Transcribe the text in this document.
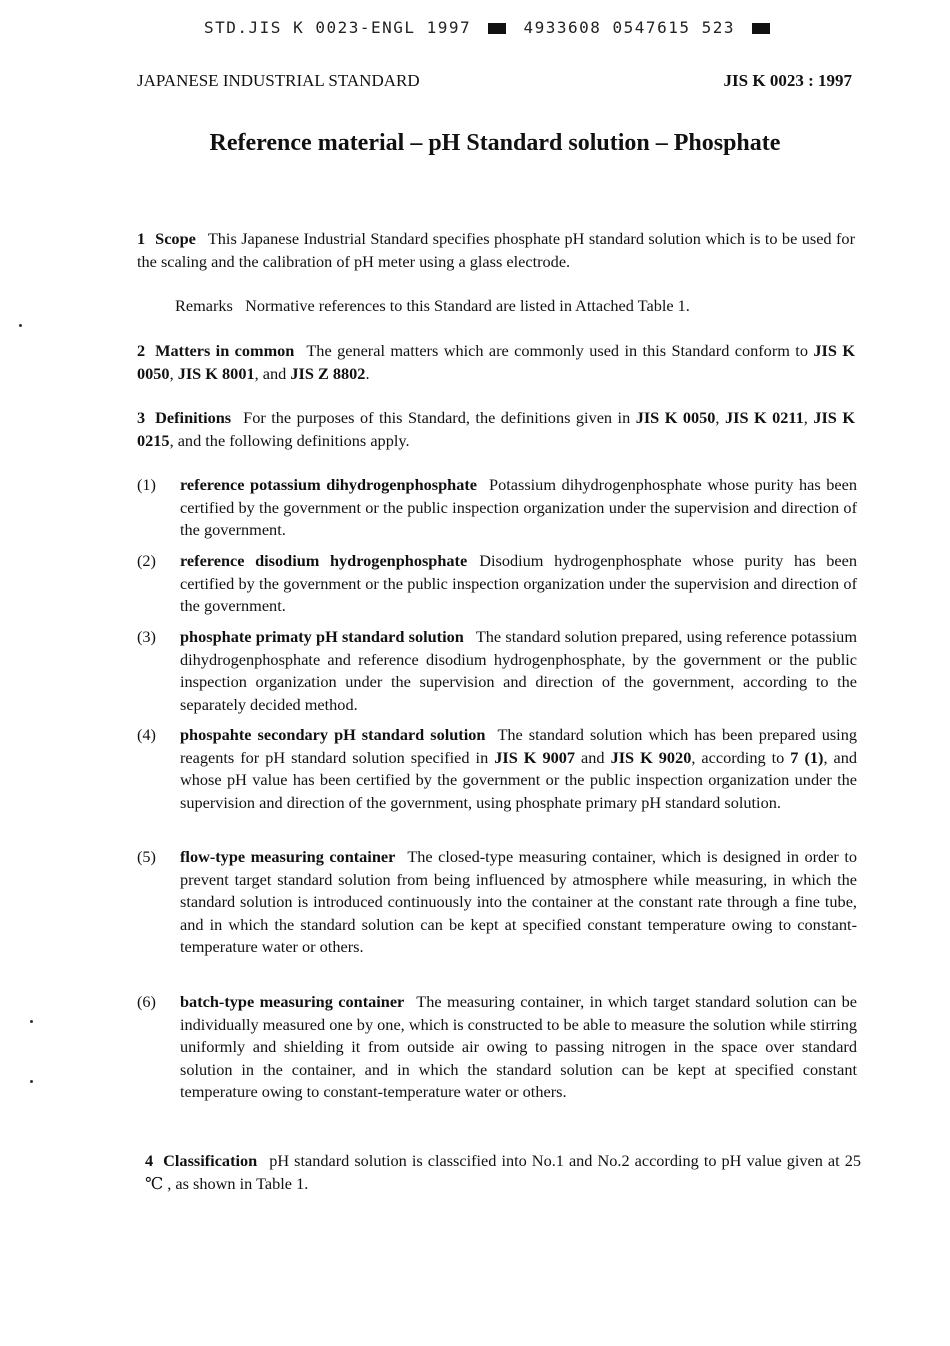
STD.JIS K 0023-ENGL 1997	4933608 0547615 523
JAPANESE INDUSTRIAL STANDARD	JIS K 0023 : 1997
Reference material – pH Standard solution – Phosphate

1 Scope This Japanese Industrial Standard specifies phosphate pH standard solution which is to be used for the scaling and the calibration of pH meter using a glass electrode.

Remarks Normative references to this Standard are listed in Attached Table 1.

2 Matters in common The general matters which are commonly used in this Standard conform to JIS K 0050, JIS K 8001, and JIS Z 8802.

3 Definitions For the purposes of this Standard, the definitions given in JIS K 0050, JIS K 0211, JIS K 0215, and the following definitions apply.

(1) reference potassium dihydrogenphosphate Potassium dihydrogenphosphate whose purity has been certified by the government or the public inspection organization under the supervision and direction of the government.

(2) reference disodium hydrogenphosphate Disodium hydrogenphosphate whose purity has been certified by the government or the public inspection organization under the supervision and direction of the government.

(3) phosphate primaty pH standard solution The standard solution prepared, using reference potassium dihydrogenphosphate and reference disodium hydrogenphosphate, by the government or the public inspection organization under the supervision and direction of the government, according to the separately decided method.

(4) phospahte secondary pH standard solution The standard solution which has been prepared using reagents for pH standard solution specified in JIS K 9007 and JIS K 9020, according to 7 (1), and whose pH value has been certified by the government or the public inspection organization under the supervision and direction of the government, using phosphate primary pH standard solution.

(5) flow-type measuring container The closed-type measuring container, which is designed in order to prevent target standard solution from being influenced by atmosphere while measuring, in which the standard solution is introduced continuously into the container at the constant rate through a fine tube, and in which the standard solution can be kept at specified constant temperature owing to constant-temperature water or others.

(6) batch-type measuring container The measuring container, in which target standard solution can be individually measured one by one, which is constructed to be able to measure the solution while stirring uniformly and shielding it from outside air owing to passing nitrogen in the space over standard solution in the container, and in which the standard solution can be kept at specified constant temperature owing to constant-temperature water or others.

4 Classification pH standard solution is classcified into No.1 and No.2 according to pH value given at 25 ℃ , as shown in Table 1.
